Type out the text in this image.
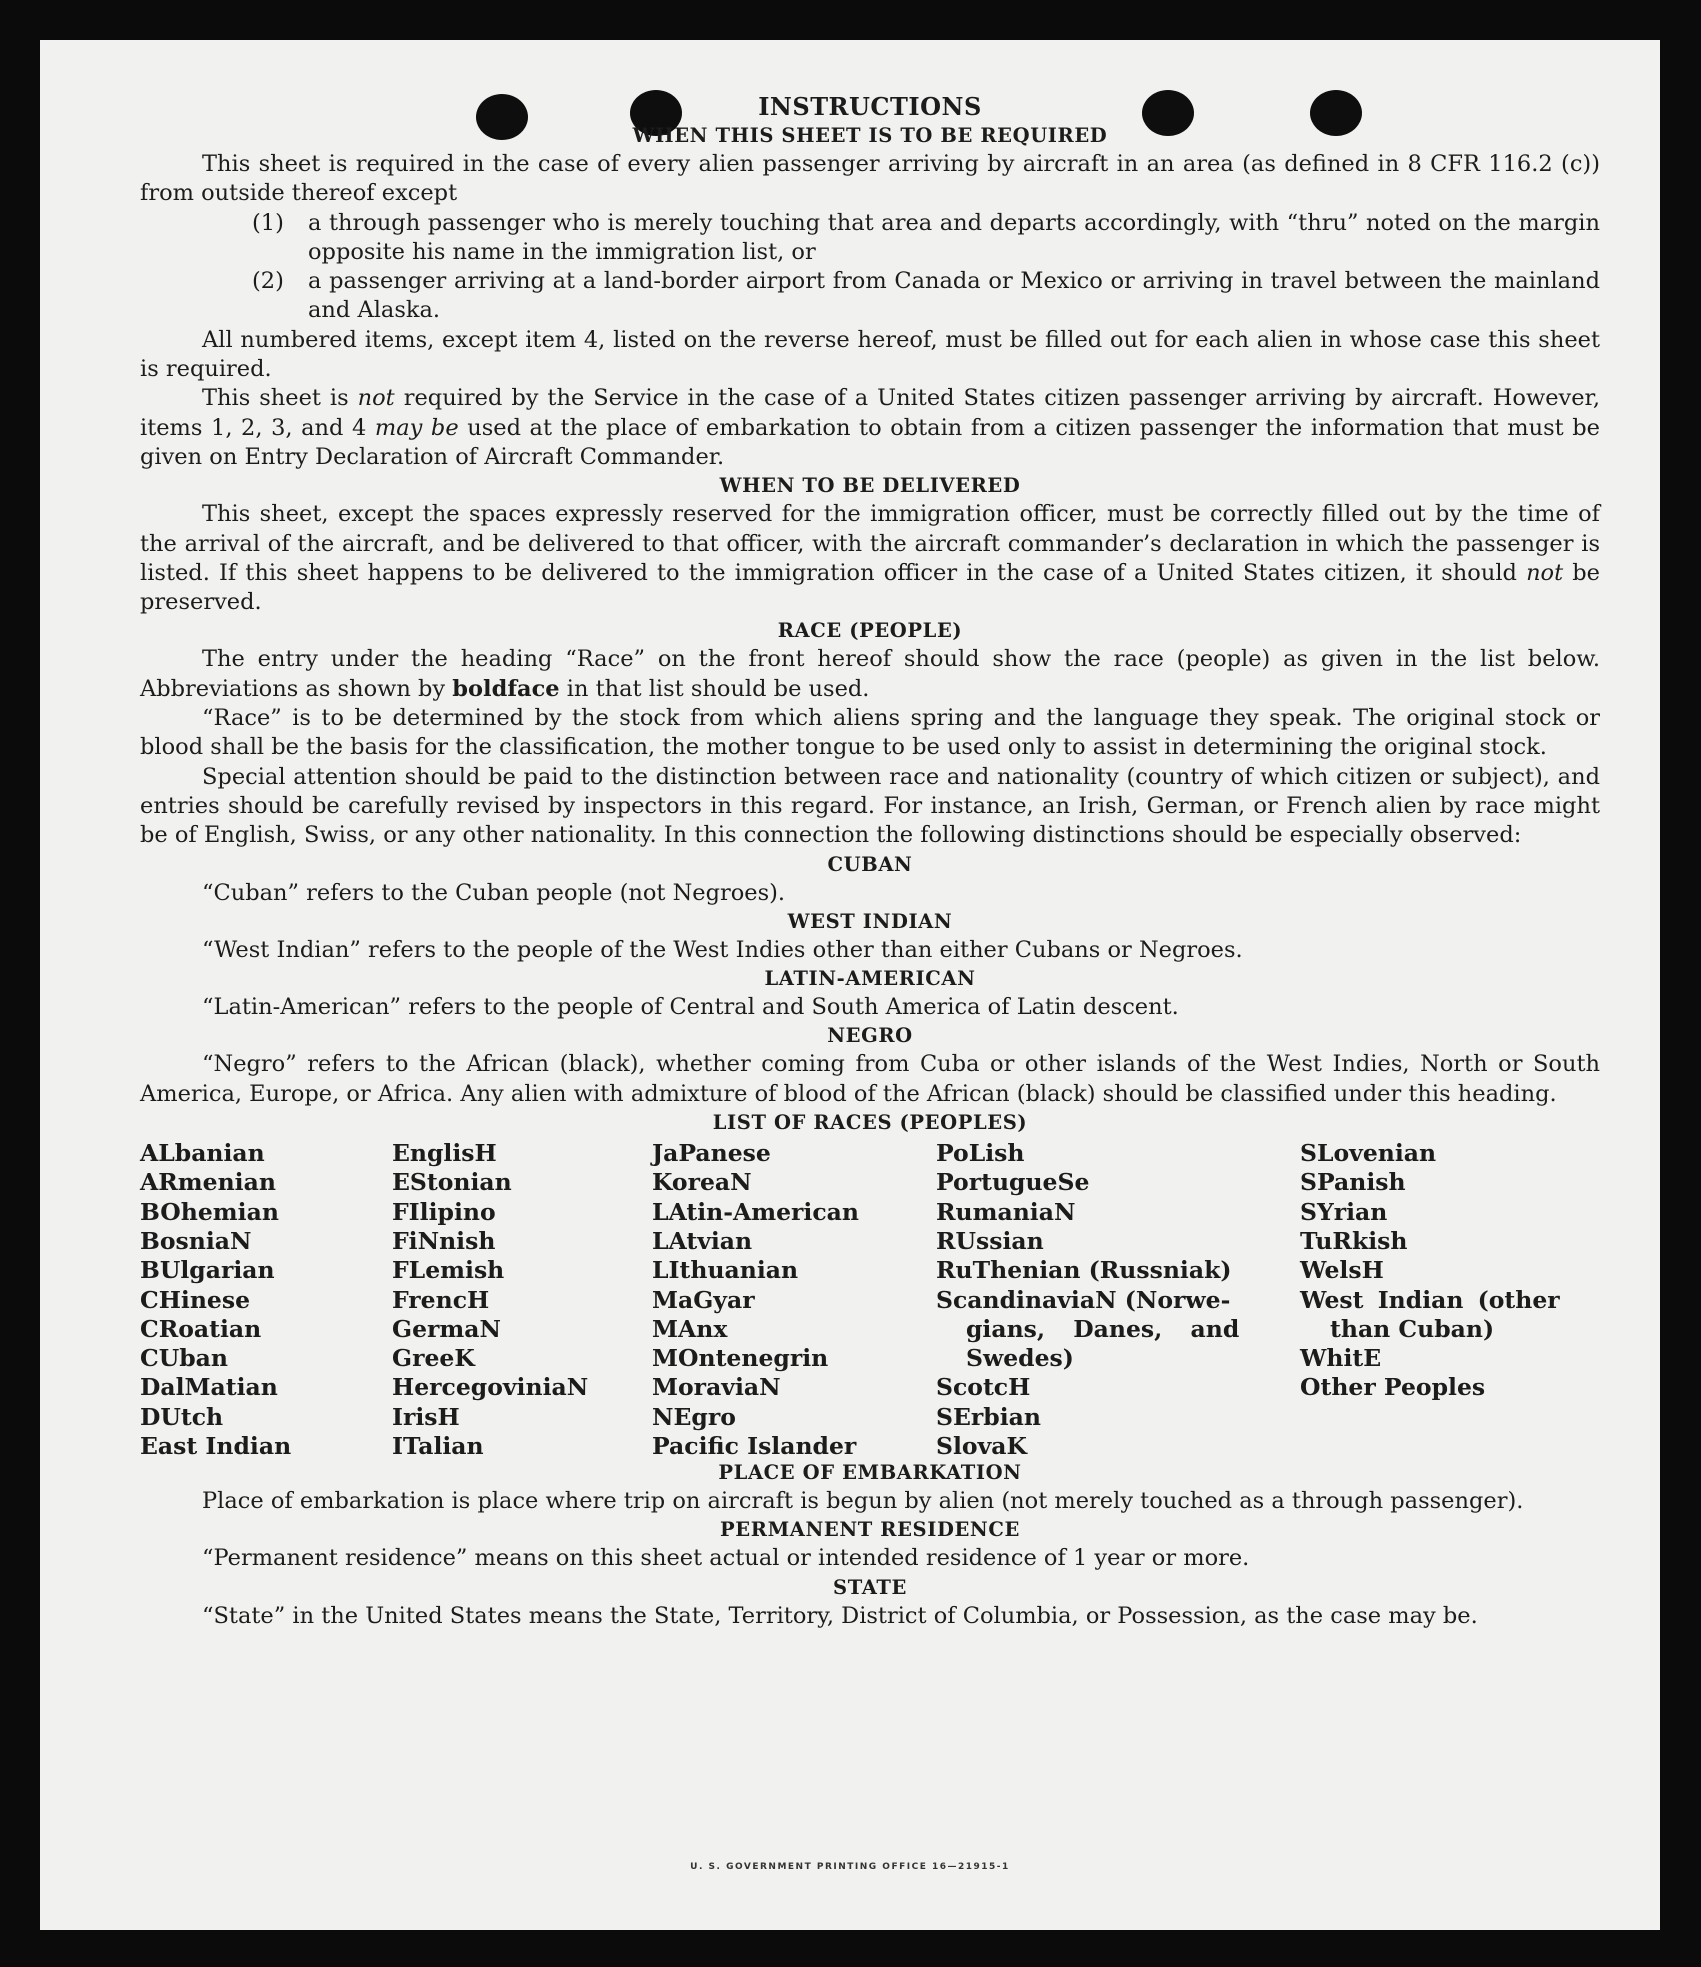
INSTRUCTIONS
WHEN THIS SHEET IS TO BE REQUIRED

This sheet is required in the case of every alien passenger arriving by aircraft in an area (as defined in 8 CFR 116.2 (c)) from outside thereof except

(1)	a through passenger who is merely touching that area and departs accordingly, with “thru” noted on the margin opposite his name in the immigration list, or
(2)	a passenger arriving at a land-border airport from Canada or Mexico or arriving in travel between the mainland and Alaska.

All numbered items, except item 4, listed on the reverse hereof, must be filled out for each alien in whose case this sheet is required.

This sheet is not required by the Service in the case of a United States citizen passenger arriving by aircraft. However, items 1, 2, 3, and 4 may be used at the place of embarkation to obtain from a citizen passenger the information that must be given on Entry Declaration of Aircraft Commander.

WHEN TO BE DELIVERED

This sheet, except the spaces expressly reserved for the immigration officer, must be correctly filled out by the time of the arrival of the aircraft, and be delivered to that officer, with the aircraft commander’s declaration in which the passenger is listed. If this sheet happens to be delivered to the immigration officer in the case of a United States citizen, it should not be preserved.

RACE (PEOPLE)

The entry under the heading “Race” on the front hereof should show the race (people) as given in the list below. Abbreviations as shown by boldface in that list should be used.

“Race” is to be determined by the stock from which aliens spring and the language they speak. The original stock or blood shall be the basis for the classification, the mother tongue to be used only to assist in determining the original stock.

Special attention should be paid to the distinction between race and nationality (country of which citizen or subject), and entries should be carefully revised by inspectors in this regard. For instance, an Irish, German, or French alien by race might be of English, Swiss, or any other nationality. In this connection the following distinctions should be especially observed:

CUBAN

“Cuban” refers to the Cuban people (not Negroes).

WEST INDIAN

“West Indian” refers to the people of the West Indies other than either Cubans or Negroes.

LATIN-AMERICAN

“Latin-American” refers to the people of Central and South America of Latin descent.

NEGRO

“Negro” refers to the African (black), whether coming from Cuba or other islands of the West Indies, North or South America, Europe, or Africa. Any alien with admixture of blood of the African (black) should be classified under this heading.

LIST OF RACES (PEOPLES)
ALbanian
ARmenian
BOhemian
BosniaN
BUlgarian
CHinese
CRoatian
CUban
DalMatian
DUtch
East Indian
EnglisH
EStonian
FIlipino
FiNnish
FLemish
FrencH
GermaN
GreeK
HercegoviniaN
IrisH
ITalian
JaPanese
KoreaN
LAtin-American
LAtvian
LIthuanian
MaGyar
MAnx
MOntenegrin
MoraviaN
NEgro
Pacific Islander
PoLish
PortugueSe
RumaniaN
RUssian
RuThenian (Russniak)
ScandinaviaN (Norwe-
gians, Danes, and
Swedes)
ScotcH
SErbian
SlovaK
SLovenian
SPanish
SYrian
TuRkish
WelsH
West Indian (other
than Cuban)
WhitE
Other Peoples
PLACE OF EMBARKATION

Place of embarkation is place where trip on aircraft is begun by alien (not merely touched as a through passenger).

PERMANENT RESIDENCE

“Permanent residence” means on this sheet actual or intended residence of 1 year or more.

STATE

“State” in the United States means the State, Territory, District of Columbia, or Possession, as the case may be.

U. S. GOVERNMENT PRINTING OFFICE 16—21915-1
